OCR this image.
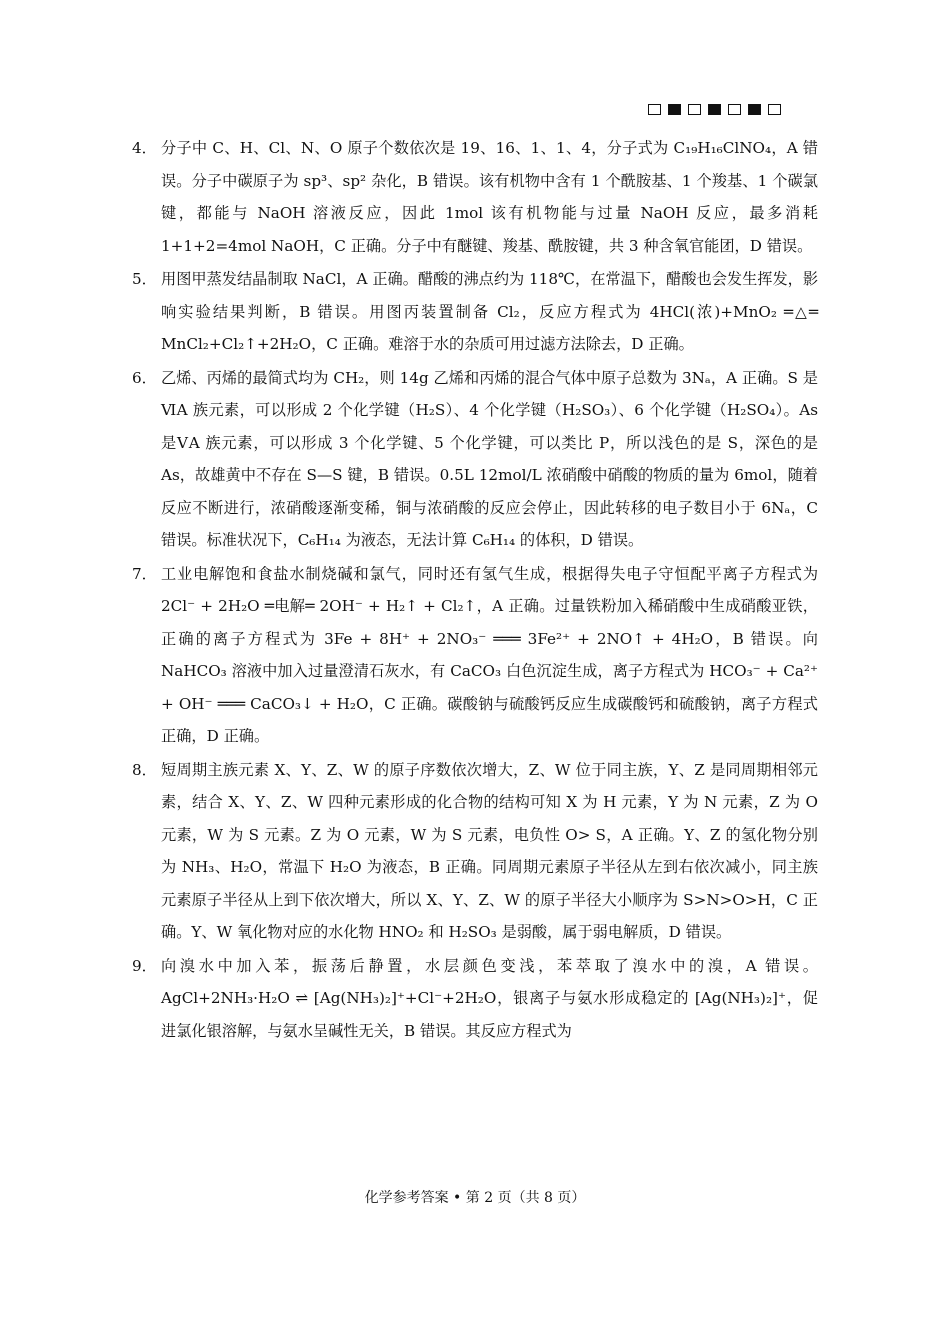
4． 分子中 C、H、Cl、N、O 原子个数依次是 19、16、1、1、4，分子式为 C₁₉H₁₆ClNO₄，A 错误。分子中碳原子为 sp³、sp² 杂化，B 错误。该有机物中含有 1 个酰胺基、1 个羧基、1 个碳氯键，都能与 NaOH 溶液反应，因此 1mol 该有机物能与过量 NaOH 反应，最多消耗 1+1+2=4mol NaOH，C 正确。分子中有醚键、羧基、酰胺键，共 3 种含氧官能团，D 错误。
5． 用图甲蒸发结晶制取 NaCl，A 正确。醋酸的沸点约为 118℃，在常温下，醋酸也会发生挥发，影响实验结果判断，B 错误。用图丙装置制备 Cl₂，反应方程式为 4HCl(浓)+MnO₂ ═△═ MnCl₂+Cl₂↑+2H₂O，C 正确。难溶于水的杂质可用过滤方法除去，D 正确。
6． 乙烯、丙烯的最简式均为 CH₂，则 14g 乙烯和丙烯的混合气体中原子总数为 3Nₐ，A 正确。S 是ⅥA 族元素，可以形成 2 个化学键（H₂S）、4 个化学键（H₂SO₃）、6 个化学键（H₂SO₄）。As 是ⅤA 族元素，可以形成 3 个化学键、5 个化学键，可以类比 P，所以浅色的是 S，深色的是 As，故雄黄中不存在 S—S 键，B 错误。0.5L 12mol/L 浓硝酸中硝酸的物质的量为 6mol，随着反应不断进行，浓硝酸逐渐变稀，铜与浓硝酸的反应会停止，因此转移的电子数目小于 6Nₐ，C 错误。标准状况下，C₆H₁₄ 为液态，无法计算 C₆H₁₄ 的体积，D 错误。
7． 工业电解饱和食盐水制烧碱和氯气，同时还有氢气生成，根据得失电子守恒配平离子方程式为 2Cl⁻ + 2H₂O ═电解═ 2OH⁻ + H₂↑ + Cl₂↑，A 正确。过量铁粉加入稀硝酸中生成硝酸亚铁，正确的离子方程式为 3Fe + 8H⁺ + 2NO₃⁻ ═══ 3Fe²⁺ + 2NO↑ + 4H₂O，B 错误。向 NaHCO₃ 溶液中加入过量澄清石灰水，有 CaCO₃ 白色沉淀生成，离子方程式为 HCO₃⁻ + Ca²⁺ + OH⁻ ═══ CaCO₃↓ + H₂O，C 正确。碳酸钠与硫酸钙反应生成碳酸钙和硫酸钠，离子方程式正确，D 正确。
8． 短周期主族元素 X、Y、Z、W 的原子序数依次增大，Z、W 位于同主族，Y、Z 是同周期相邻元素，结合 X、Y、Z、W 四种元素形成的化合物的结构可知 X 为 H 元素，Y 为 N 元素，Z 为 O 元素，W 为 S 元素。Z 为 O 元素，W 为 S 元素，电负性 O> S，A 正确。Y、Z 的氢化物分别为 NH₃、H₂O，常温下 H₂O 为液态，B 正确。同周期元素原子半径从左到右依次减小，同主族元素原子半径从上到下依次增大，所以 X、Y、Z、W 的原子半径大小顺序为 S>N>O>H，C 正确。Y、W 氧化物对应的水化物 HNO₂ 和 H₂SO₃ 是弱酸，属于弱电解质，D 错误。
9． 向溴水中加入苯，振荡后静置，水层颜色变浅，苯萃取了溴水中的溴，A 错误。AgCl+2NH₃·H₂O ⇌ [Ag(NH₃)₂]⁺+Cl⁻+2H₂O，银离子与氨水形成稳定的 [Ag(NH₃)₂]⁺，促进氯化银溶解，与氨水呈碱性无关，B 错误。其反应方程式为
化学参考答案 • 第 2 页（共 8 页）
